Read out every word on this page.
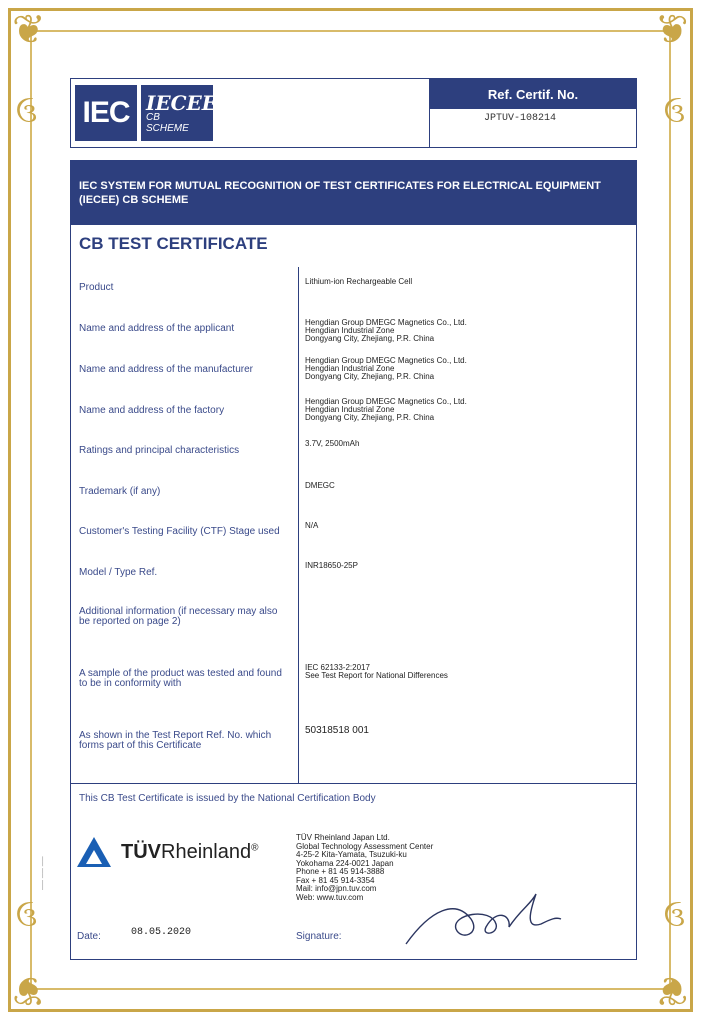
❦	❦
❦	❦
ઉ	ઉ
ઉ	ઉ
IEC IECEE
CB
SCHEME
Ref. Certif. No.
JPTUV-108214
IEC SYSTEM FOR MUTUAL RECOGNITION OF TEST CERTIFICATES FOR ELECTRICAL EQUIPMENT (IECEE) CB SCHEME
CB TEST CERTIFICATE
Product
Lithium-ion Rechargeable Cell
Name and address of the applicant
Hengdian Group DMEGC Magnetics Co., Ltd.
Hengdian Industrial Zone
Dongyang City, Zhejiang, P.R. China
Name and address of the manufacturer
Hengdian Group DMEGC Magnetics Co., Ltd.
Hengdian Industrial Zone
Dongyang City, Zhejiang, P.R. China
Name and address of the factory
Hengdian Group DMEGC Magnetics Co., Ltd.
Hengdian Industrial Zone
Dongyang City, Zhejiang, P.R. China
Ratings and principal characteristics
3.7V, 2500mAh
Trademark (if any)
DMEGC
Customer's Testing Facility (CTF) Stage used
N/A
Model / Type Ref.
INR18650-25P
Additional information (if necessary may also be reported on page 2)
A sample of the product was tested and found to be in conformity with
IEC 62133-2:2017
See Test Report for National Differences
As shown in the Test Report Ref. No. which forms part of this Certificate
50318518 001
This CB Test Certificate is issued by the National Certification Body
TÜVRheinland®
TÜV Rheinland Japan Ltd.
Global Technology Assessment Center
4-25-2 Kita-Yamata, Tsuzuki-ku
Yokohama 224-0021 Japan
Phone + 81 45 914-3888
Fax + 81 45 914-3354
Mail: info@jpn.tuv.com
Web: www.tuv.com
Date:	08.05.2020	Signature:
── ── ──
